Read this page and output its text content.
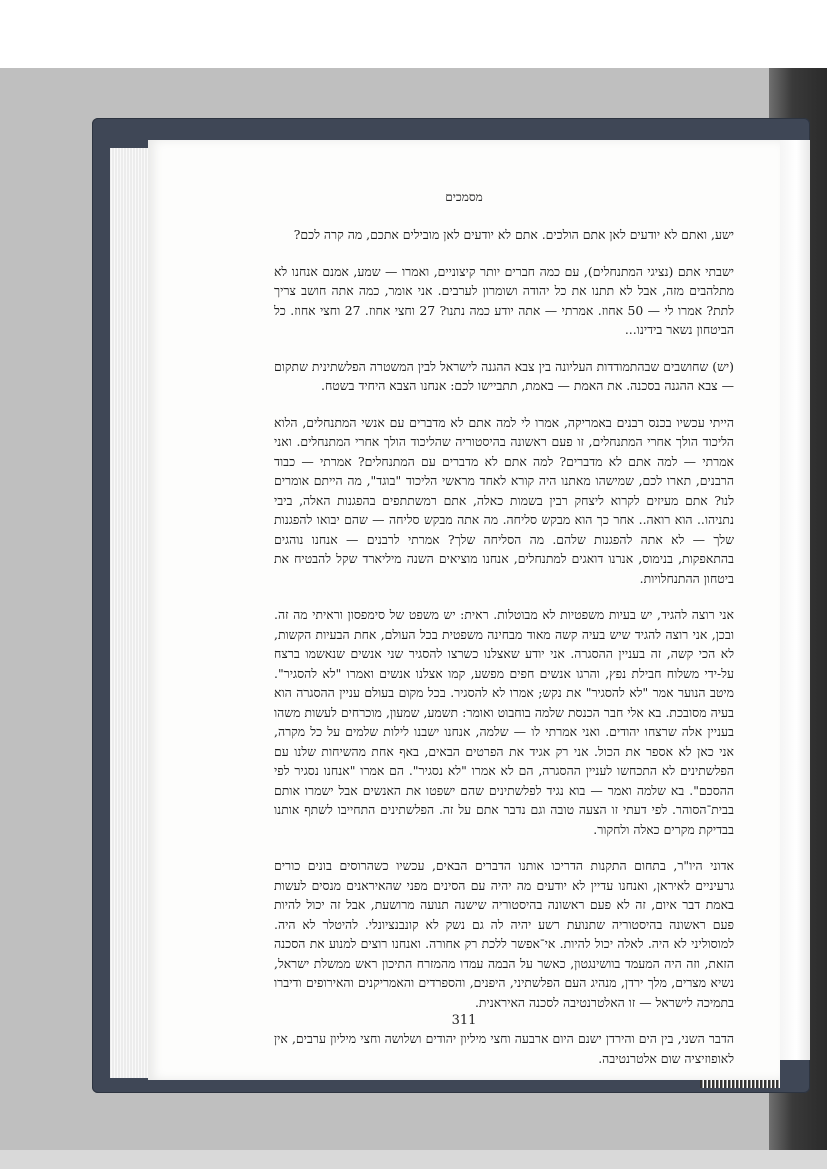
מסמכים

ישע, ואתם לא יודעים לאן אתם הולכים. אתם לא יודעים לאן מובילים אתכם, מה קרה לכם?

ישבתי אתם (נציגי המתנחלים), עם כמה חברים יותר קיצוניים, ואמרו — שמע, אמנם אנחנו לא מתלהבים מזה, אבל לא תתנו את כל יהודה ושומרון לערבים. אני אומר, כמה אתה חושב צריך לתת? אמרו לי — 50 אחוז. אמרתי — אתה יודע כמה נתנו? 27 וחצי אחוז. 27 וחצי אחוז. כל הביטחון נשאר בידינו...

(יש) שחושבים שבהתמודדות העליונה בין צבא ההגנה לישראל לבין המשטרה הפלשתינית שתקום — צבא ההגנה בסכנה. את האמת — באמת, תתביישו לכם: אנחנו הצבא היחיד בשטח.

הייתי עכשיו בכנס רבנים באמריקה, אמרו לי למה אתם לא מדברים עם אנשי המתנחלים, הלוא הליכוד הולך אחרי המתנחלים, זו פעם ראשונה בהיסטוריה שהליכוד הולך אחרי המתנחלים. ואני אמרתי — למה אתם לא מדברים? למה אתם לא מדברים עם המתנחלים? אמרתי — כבוד הרבנים, תארו לכם, שמישהו מאתנו היה קורא לאחד מראשי הליכוד "בוגד", מה הייתם אומרים לנו? אתם מעיזים לקרוא ליצחק רבין בשמות כאלה, אתם רמשתתפים בהפגנות האלה, ביבי נתניהו.. הוא רואה.. אחר כך הוא מבקש סליחה. מה אתה מבקש סליחה — שהם יבואו להפגנות שלך — לא אתה להפגנות שלהם. מה הסליחה שלך? אמרתי לרבנים — אנחנו נוהגים בהתאפקות, בנימוס, אנרנו דואגים למתנחלים, אנחנו מוציאים השנה מיליארד שקל להבטיח את ביטחון ההתנחלויות.

אני רוצה להגיד, יש בעיות משפטיות לא מבוטלות. ראית: יש משפט של סימפסון וראיתי מה זה. ובכן, אני רוצה להגיד שיש בעיה קשה מאוד מבחינה משפטית בכל העולם, אחת הבעיות הקשות, לא הכי קשה, זה בעניין ההסגרה. אני יודע שאצלנו כשרצו להסגיר שני אנשים שנאשמו ברצח על-ידי משלוח חבילת נפץ, והרגו אנשים חפים מפשע, קמו אצלנו אנשים ואמרו "לא להסגיר". מיטב הנוער אמר "לא להסגיר" את נקש; אמרו לא להסגיר. בכל מקום בעולם עניין ההסגרה הוא בעיה מסובכת. בא אלי חבר הכנסת שלמה בוחבוט ואומר: תשמע, שמעון, מוכרחים לעשות משהו בעניין אלה שרצחו יהודים. ואני אמרתי לו — שלמה, אנחנו ישבנו לילות שלמים על כל מקרה, אני כאן לא אספר את הכול. אני רק אגיד את הפרטים הבאים, באף אחת מהשיחות שלנו עם הפלשתינים לא התכחשו לעניין ההסגרה, הם לא אמרו "לא נסגיר". הם אמרו "אנחנו נסגיר לפי ההסכם". בא שלמה ואמר — בוא נגיד לפלשתינים שהם ישפטו את האנשים אבל ישמרו אותם בבית־הסוהר. לפי דעתי זו הצעה טובה וגם נדבר אתם על זה. הפלשתינים התחייבו לשתף אותנו בבדיקת מקרים כאלה ולחקור.

אדוני היו"ר, בתחום התקנות הדריכו אותנו הדברים הבאים, עכשיו כשהרוסים בונים כורים גרעיניים לאיראן, ואנחנו עדיין לא יודעים מה יהיה עם הסינים מפני שהאיראנים מנסים לעשות באמת דבר איום, זה לא פעם ראשונה בהיסטוריה שישנה תנועה מרושעת, אבל זה יכול להיות פעם ראשונה בהיסטוריה שתנועת רשע יהיה לה גם נשק לא קונבנציונלי. להיטלר לא היה. למוסוליני לא היה. לאלה יכול להיות. אי־אפשר ללכת רק אחורה. ואנחנו רוצים למנוע את הסכנה הזאת, וזה היה המעמד בוושינגטון, כאשר על הבמה עמדו מהמזרח התיכון ראש ממשלת ישראל, נשיא מצרים, מלך ירדן, מנהיג העם הפלשתיני, היפנים, והספרדים והאמריקנים והאירופים ודיברו בתמיכה לישראל — זו האלטרנטיבה לסכנה האיראנית.

הדבר השני, בין הים והירדן ישנם היום ארבעה וחצי מיליון יהודים ושלושה וחצי מיליון ערבים, אין לאופוזיציה שום אלטרנטיבה.

311
